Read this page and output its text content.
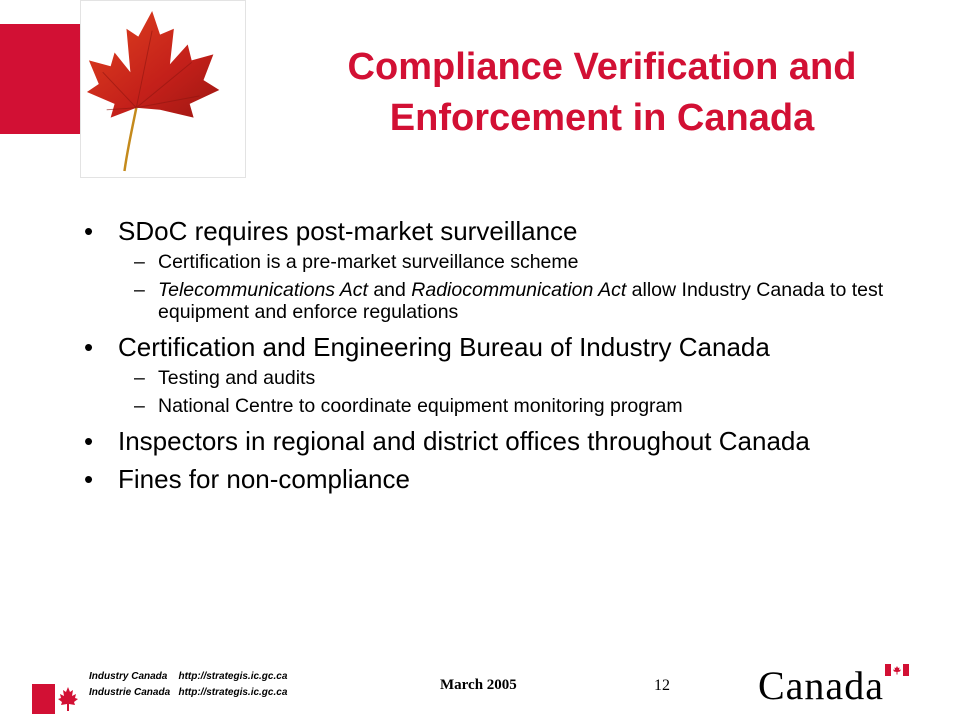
Compliance Verification and Enforcement in Canada
• SDoC requires post-market surveillance
– Certification is a pre-market surveillance scheme
– Telecommunications Act and Radiocommunication Act allow Industry Canada to test equipment and enforce regulations
• Certification and Engineering Bureau of Industry Canada
– Testing and audits
– National Centre to coordinate equipment monitoring program
• Inspectors in regional and district offices throughout Canada
• Fines for non-compliance
Industry Canada    http://strategis.ic.gc.ca
Industrie Canada   http://strategis.ic.gc.ca	March 2005	12 Canada
